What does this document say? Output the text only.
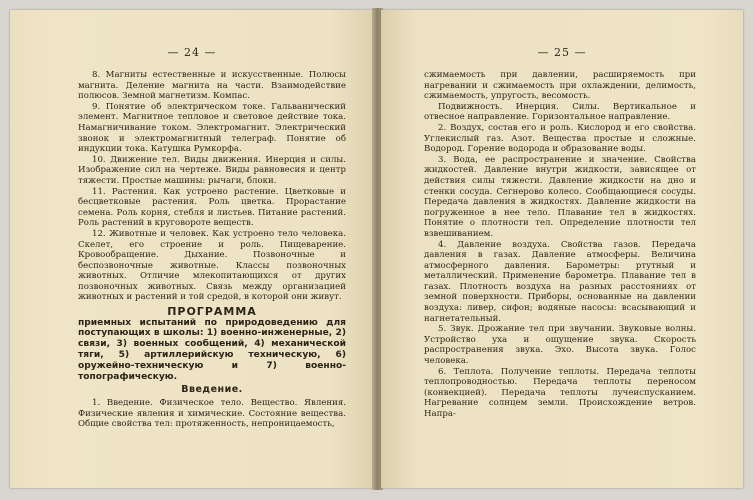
— 24 —

8. Магниты естественные и искусственные. Полюсы магнита. Деление магнита на части. Взаимодействие полюсов. Земной магнетизм. Компас.

9. Понятие об электрическом токе. Гальванический элемент. Магнитное тепловое и световое действие тока. Намагничивание током. Электромагнит. Электрический звонок и электромагнитный телеграф. Понятие об индукции тока. Катушка Румкорфа.

10. Движение тел. Виды движения. Инерция и силы. Изображение сил на чертеже. Виды равновесия и центр тяжести. Простые машины: рычаги, блоки.

11. Растения. Как устроено растение. Цветковые и бесцветковые растения. Роль цветка. Прорастание семена. Роль корня, стебля и листьев. Питание растений. Роль растений в круговороте веществ.

12. Животные и человек. Как устроено тело человека. Скелет, его строение и роль. Пищеварение. Кровообращение. Дыхание. Позвоночные и беспозвоночные животные. Классы позвоночных животных. Отличие млекопитающихся от других позвоночных животных. Связь между организацией животных и растений и той средой, в которой они живут.

ПРОГРАММА
приемных испытаний по природоведению для поступающих в школы: 1) военно-инженерные, 2) связи, 3) военных сообщений, 4) механической тяги, 5) артиллерийскую техническую, 6) оружейно-техническую и 7) военно-топографическую.
Введение.

1. Введение. Физическое тело. Вещество. Явления. Физические явления и химические. Состояние вещества. Общие свойства тел: протяженность, непроницаемость,

— 25 —

сжимаемость при давлении, расширяемость при нагревании и сжимаемость при охлаждении, делимость, сжимаемость, упругость, весомость.

Подвижность. Инерция. Силы. Вертикальное и отвесное направление. Горизонтальное направление.

2. Воздух, состав его и роль. Кислород и его свойства. Углекислый газ. Азот. Вещества простые и сложные. Водород. Горение водорода и образование воды.

3. Вода, ее распространение и значение. Свойства жидкостей. Давление внутри жидкости, зависящее от действия силы тяжести. Давление жидкости на дно и стенки сосуда. Сегнерово колесо. Сообщающиеся сосуды. Передача давления в жидкостях. Давление жидкости на погруженное в нее тело. Плавание тел в жидкостях. Понятие о плотности тел. Определение плотности тел взвешиванием.

4. Давление воздуха. Свойства газов. Передача давления в газах. Давление атмосферы. Величина атмосферного давления. Барометры: ртутный и металлический. Применение барометра. Плавание тел в газах. Плотность воздуха на разных расстояниях от земной поверхности. Приборы, основанные на давлении воздуха: ливер, сифон; водяные насосы: всасывающий и нагнетательный.

5. Звук. Дрожание тел при звучании. Звуковые волны. Устройство уха и ощущение звука. Скорость распространения звука. Эхо. Высота звука. Голос человека.

6. Теплота. Получение теплоты. Передача теплоты теплопроводностью. Передача теплоты переносом (конвекцией). Передача теплоты лучеиспусканием. Нагревание солнцем земли. Происхождение ветров. Напра-
